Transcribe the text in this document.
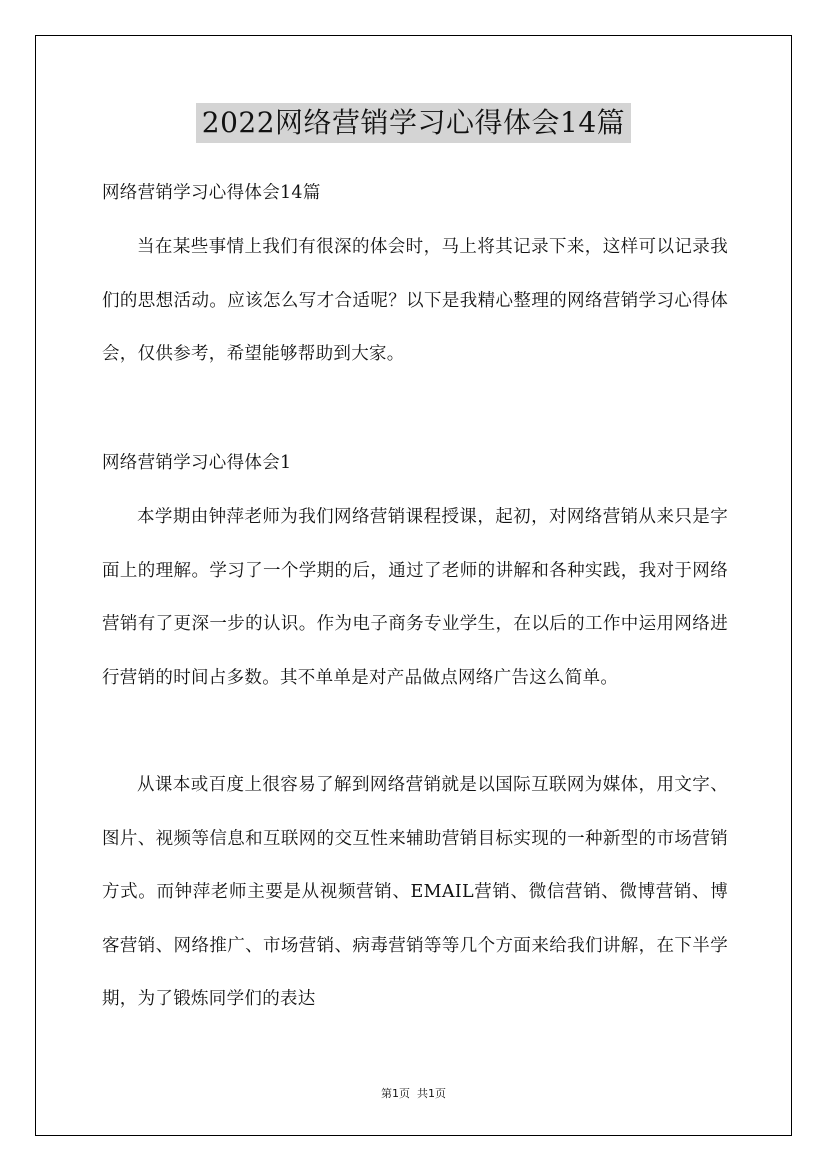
2022网络营销学习心得体会14篇

网络营销学习心得体会14篇

当在某些事情上我们有很深的体会时，马上将其记录下来，这样可以记录我们的思想活动。应该怎么写才合适呢？以下是我精心整理的网络营销学习心得体会，仅供参考，希望能够帮助到大家。

网络营销学习心得体会1

本学期由钟萍老师为我们网络营销课程授课，起初，对网络营销从来只是字面上的理解。学习了一个学期的后，通过了老师的讲解和各种实践，我对于网络营销有了更深一步的认识。作为电子商务专业学生，在以后的工作中运用网络进行营销的时间占多数。其不单单是对产品做点网络广告这么简单。

从课本或百度上很容易了解到网络营销就是以国际互联网为媒体，用文字、图片、视频等信息和互联网的交互性来辅助营销目标实现的一种新型的市场营销方式。而钟萍老师主要是从视频营销、EMAIL营销、微信营销、微博营销、博客营销、网络推广、市场营销、病毒营销等等几个方面来给我们讲解，在下半学期，为了锻炼同学们的表达

第1页  共1页
